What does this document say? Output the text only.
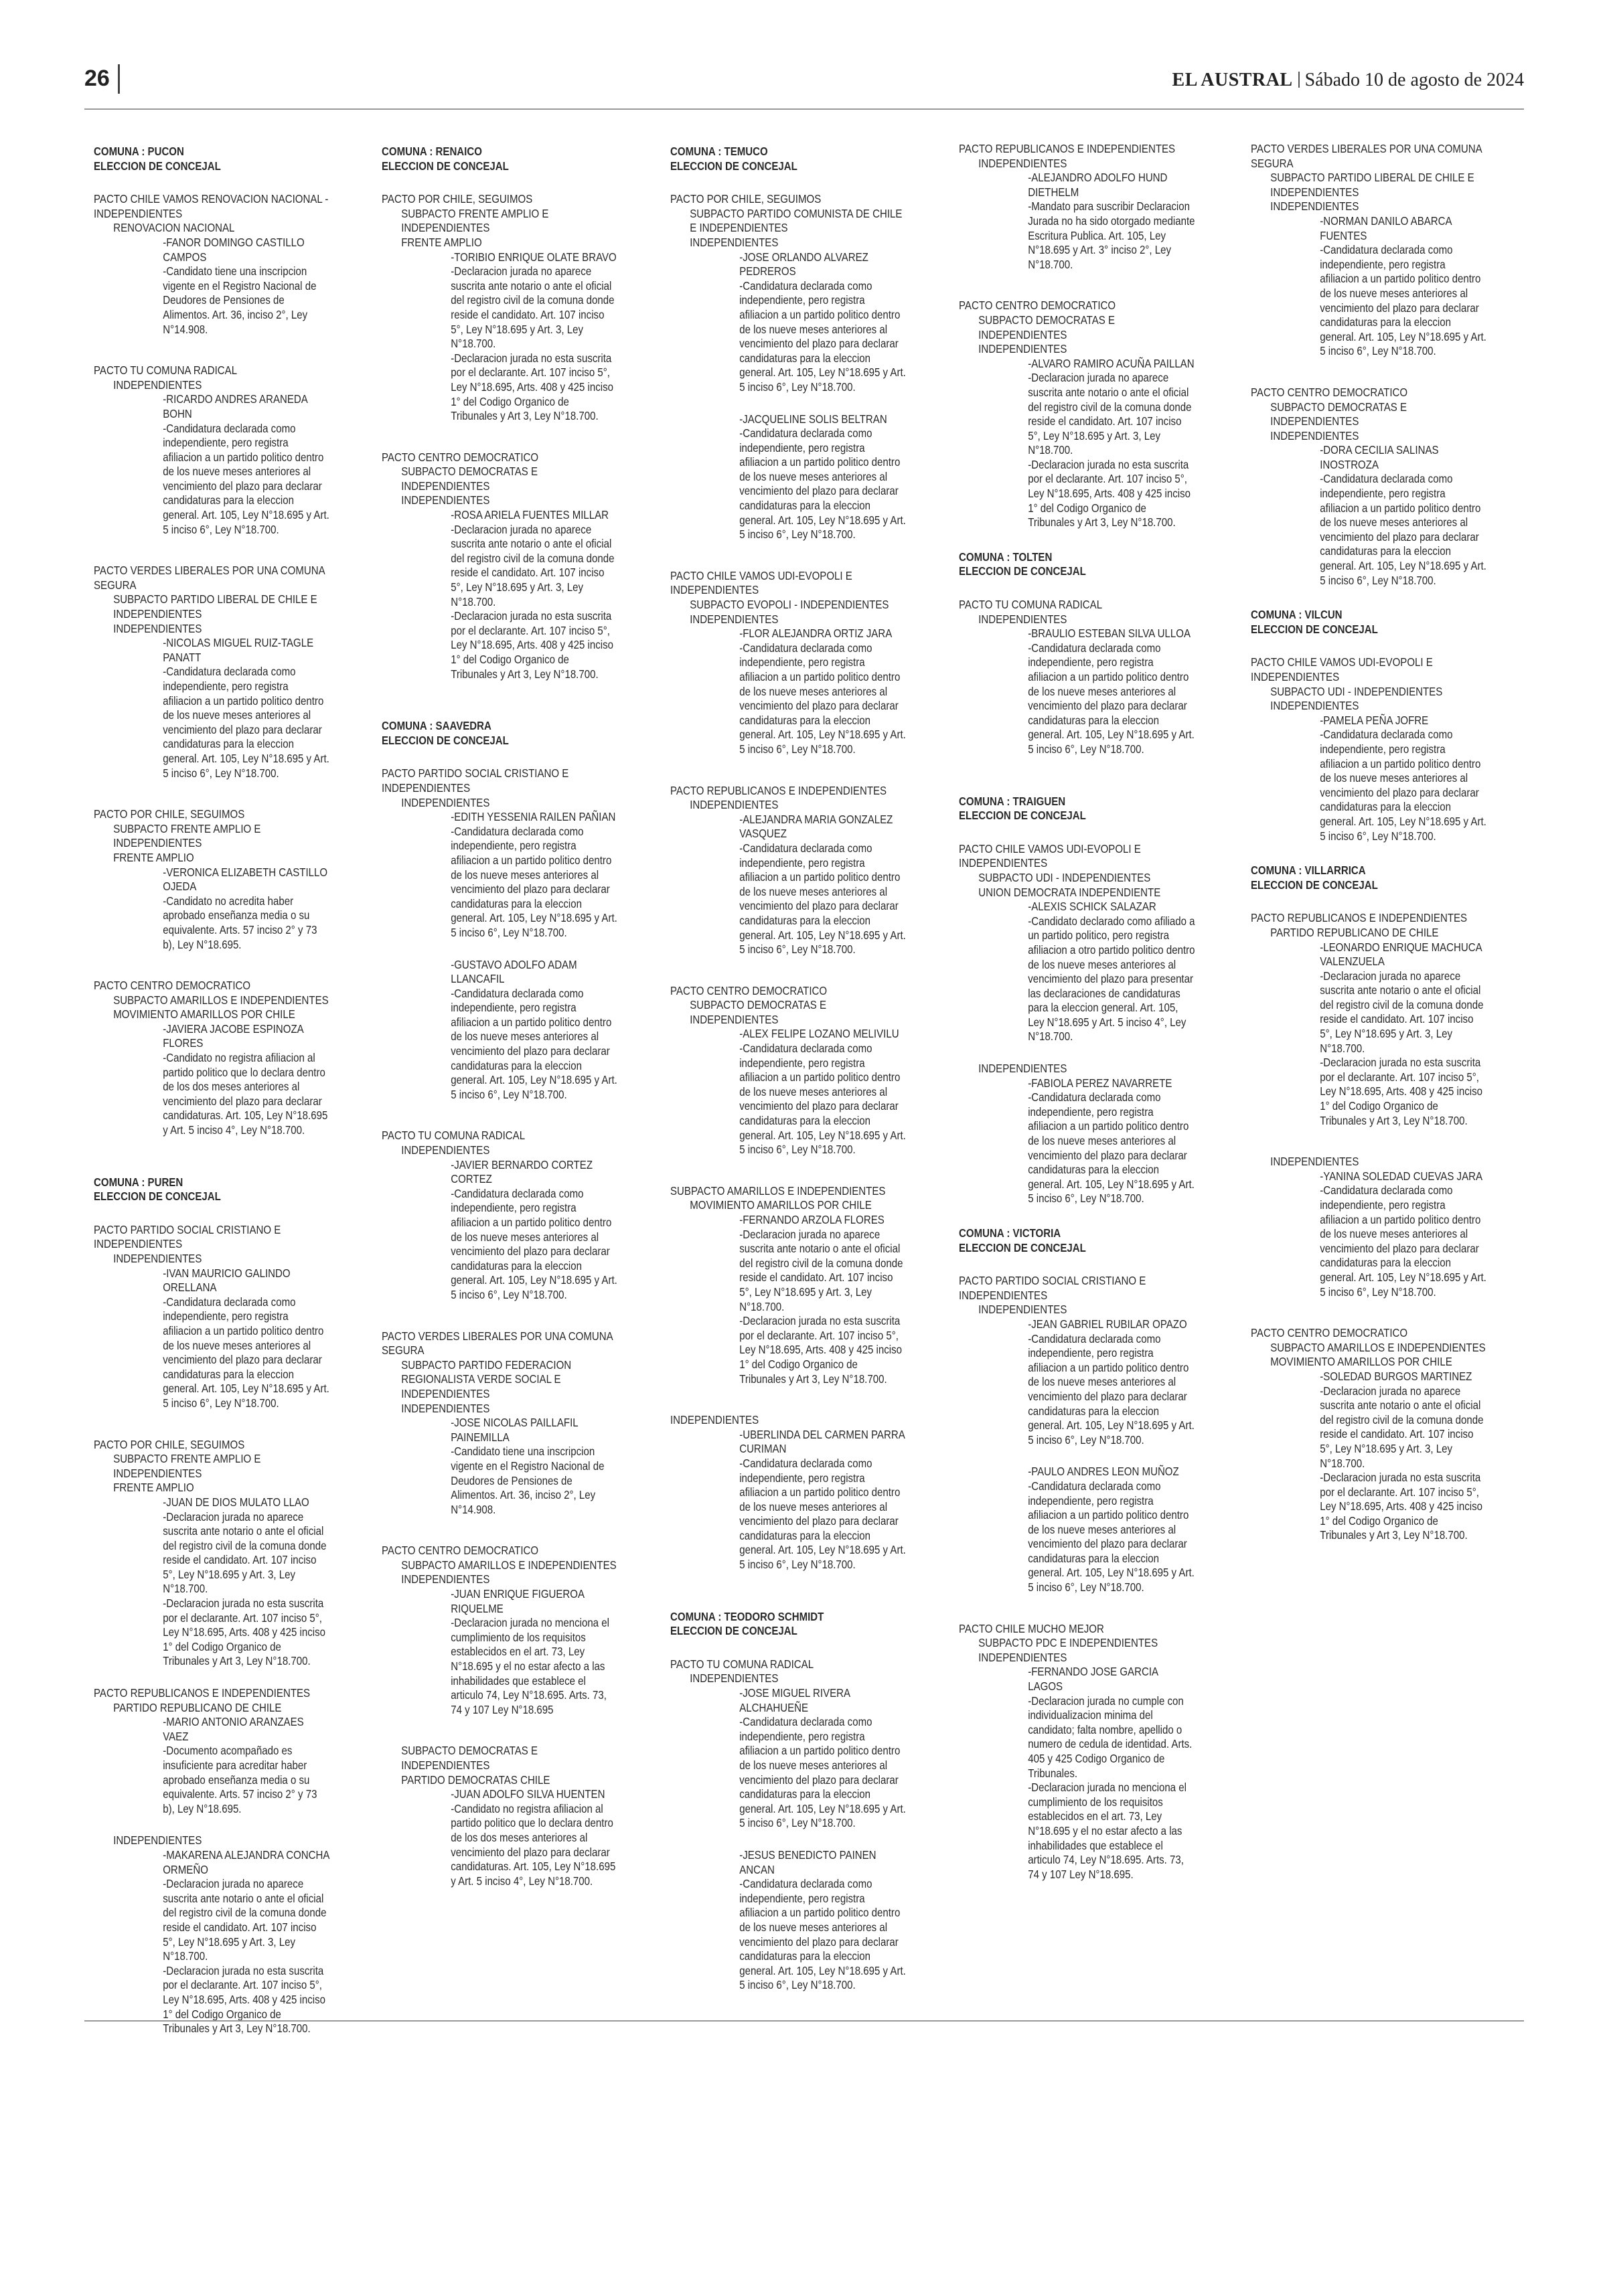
26	EL AUSTRAL Sábado 10 de agosto de 2024
COMUNA : PUCON
ELECCION DE CONCEJAL
PACTO CHILE VAMOS RENOVACION NACIONAL -INDEPENDIENTES
RENOVACION NACIONAL
-FANOR DOMINGO CASTILLO CAMPOS
-Candidato tiene una inscripcion vigente en el Registro Nacional de Deudores de Pensiones de Alimentos. Art. 36, inciso 2°, Ley N°14.908.
PACTO TU COMUNA RADICAL
INDEPENDIENTES
-RICARDO ANDRES ARANEDA BOHN
-Candidatura declarada como independiente, pero registra afiliacion a un partido politico dentro de los nueve meses anteriores al vencimiento del plazo para declarar candidaturas para la eleccion general. Art. 105, Ley N°18.695 y Art. 5 inciso 6°, Ley N°18.700.
PACTO VERDES LIBERALES POR UNA COMUNA SEGURA
SUBPACTO PARTIDO LIBERAL DE CHILE E INDEPENDIENTES
INDEPENDIENTES
-NICOLAS MIGUEL RUIZ-TAGLE PANATT
-Candidatura declarada como independiente, pero registra afiliacion a un partido politico dentro de los nueve meses anteriores al vencimiento del plazo para declarar candidaturas para la eleccion general. Art. 105, Ley N°18.695 y Art. 5 inciso 6°, Ley N°18.700.
PACTO POR CHILE, SEGUIMOS
SUBPACTO FRENTE AMPLIO E INDEPENDIENTES
FRENTE AMPLIO
-VERONICA ELIZABETH CASTILLO OJEDA
-Candidato no acredita haber aprobado enseñanza media o su equivalente. Arts. 57 inciso 2° y 73 b), Ley N°18.695.
PACTO CENTRO DEMOCRATICO
SUBPACTO AMARILLOS E INDEPENDIENTES
MOVIMIENTO AMARILLOS POR CHILE
-JAVIERA JACOBE ESPINOZA FLORES
-Candidato no registra afiliacion al partido politico que lo declara dentro de los dos meses anteriores al vencimiento del plazo para declarar candidaturas. Art. 105, Ley N°18.695 y Art. 5 inciso 4°, Ley N°18.700.
COMUNA : PUREN
ELECCION DE CONCEJAL
PACTO PARTIDO SOCIAL CRISTIANO E INDEPENDIENTES
INDEPENDIENTES
-IVAN MAURICIO GALINDO ORELLANA
-Candidatura declarada como independiente, pero registra afiliacion a un partido politico dentro de los nueve meses anteriores al vencimiento del plazo para declarar candidaturas para la eleccion general. Art. 105, Ley N°18.695 y Art. 5 inciso 6°, Ley N°18.700.
PACTO POR CHILE, SEGUIMOS
SUBPACTO FRENTE AMPLIO E INDEPENDIENTES
FRENTE AMPLIO
-JUAN DE DIOS MULATO LLAO
-Declaracion jurada no aparece suscrita ante notario o ante el oficial del registro civil de la comuna donde reside el candidato. Art. 107 inciso 5°, Ley N°18.695 y Art. 3, Ley N°18.700.
-Declaracion jurada no esta suscrita por el declarante. Art. 107 inciso 5°, Ley N°18.695, Arts. 408 y 425 inciso 1° del Codigo Organico de Tribunales y Art 3, Ley N°18.700.
PACTO REPUBLICANOS E INDEPENDIENTES
PARTIDO REPUBLICANO DE CHILE
-MARIO ANTONIO ARANZAES VAEZ
-Documento acompañado es insuficiente para acreditar haber aprobado enseñanza media o su equivalente. Arts. 57 inciso 2° y 73 b), Ley N°18.695.
INDEPENDIENTES
-MAKARENA ALEJANDRA CONCHA ORMEÑO
-Declaracion jurada no aparece suscrita ante notario o ante el oficial del registro civil de la comuna donde reside el candidato. Art. 107 inciso 5°, Ley N°18.695 y Art. 3, Ley N°18.700.
-Declaracion jurada no esta suscrita por el declarante. Art. 107 inciso 5°, Ley N°18.695, Arts. 408 y 425 inciso 1° del Codigo Organico de Tribunales y Art 3, Ley N°18.700.
COMUNA : RENAICO
ELECCION DE CONCEJAL
PACTO POR CHILE, SEGUIMOS
SUBPACTO FRENTE AMPLIO E INDEPENDIENTES
FRENTE AMPLIO
-TORIBIO ENRIQUE OLATE BRAVO
-Declaracion jurada no aparece suscrita ante notario o ante el oficial del registro civil de la comuna donde reside el candidato. Art. 107 inciso 5°, Ley N°18.695 y Art. 3, Ley N°18.700.
-Declaracion jurada no esta suscrita por el declarante. Art. 107 inciso 5°, Ley N°18.695, Arts. 408 y 425 inciso 1° del Codigo Organico de Tribunales y Art 3, Ley N°18.700.
PACTO CENTRO DEMOCRATICO
SUBPACTO DEMOCRATAS E INDEPENDIENTES
INDEPENDIENTES
-ROSA ARIELA FUENTES MILLAR
-Declaracion jurada no aparece suscrita ante notario o ante el oficial del registro civil de la comuna donde reside el candidato. Art. 107 inciso 5°, Ley N°18.695 y Art. 3, Ley N°18.700.
-Declaracion jurada no esta suscrita por el declarante. Art. 107 inciso 5°, Ley N°18.695, Arts. 408 y 425 inciso 1° del Codigo Organico de Tribunales y Art 3, Ley N°18.700.
COMUNA : SAAVEDRA
ELECCION DE CONCEJAL
PACTO PARTIDO SOCIAL CRISTIANO E INDEPENDIENTES
INDEPENDIENTES
-EDITH YESSENIA RAILEN PAÑIAN
-Candidatura declarada como independiente, pero registra afiliacion a un partido politico dentro de los nueve meses anteriores al vencimiento del plazo para declarar candidaturas para la eleccion general. Art. 105, Ley N°18.695 y Art. 5 inciso 6°, Ley N°18.700.
-GUSTAVO ADOLFO ADAM LLANCAFIL
-Candidatura declarada como independiente, pero registra afiliacion a un partido politico dentro de los nueve meses anteriores al vencimiento del plazo para declarar candidaturas para la eleccion general. Art. 105, Ley N°18.695 y Art. 5 inciso 6°, Ley N°18.700.
PACTO TU COMUNA RADICAL
INDEPENDIENTES
-JAVIER BERNARDO CORTEZ CORTEZ
-Candidatura declarada como independiente, pero registra afiliacion a un partido politico dentro de los nueve meses anteriores al vencimiento del plazo para declarar candidaturas para la eleccion general. Art. 105, Ley N°18.695 y Art. 5 inciso 6°, Ley N°18.700.
PACTO VERDES LIBERALES POR UNA COMUNA SEGURA
SUBPACTO PARTIDO FEDERACION REGIONALISTA VERDE SOCIAL E INDEPENDIENTES
INDEPENDIENTES
-JOSE NICOLAS PAILLAFIL PAINEMILLA
-Candidato tiene una inscripcion vigente en el Registro Nacional de Deudores de Pensiones de Alimentos. Art. 36, inciso 2°, Ley N°14.908.
PACTO CENTRO DEMOCRATICO
SUBPACTO AMARILLOS E INDEPENDIENTES
INDEPENDIENTES
-JUAN ENRIQUE FIGUEROA RIQUELME
-Declaracion jurada no menciona el cumplimiento de los requisitos establecidos en el art. 73, Ley N°18.695 y el no estar afecto a las inhabilidades que establece el articulo 74, Ley N°18.695. Arts. 73, 74 y 107 Ley N°18.695
SUBPACTO DEMOCRATAS E INDEPENDIENTES
PARTIDO DEMOCRATAS CHILE
-JUAN ADOLFO SILVA HUENTEN
-Candidato no registra afiliacion al partido politico que lo declara dentro de los dos meses anteriores al vencimiento del plazo para declarar candidaturas. Art. 105, Ley N°18.695 y Art. 5 inciso 4°, Ley N°18.700.
COMUNA : TEMUCO
ELECCION DE CONCEJAL
PACTO POR CHILE, SEGUIMOS
SUBPACTO PARTIDO COMUNISTA DE CHILE E INDEPENDIENTES
INDEPENDIENTES
-JOSE ORLANDO ALVAREZ PEDREROS
-Candidatura declarada como independiente, pero registra afiliacion a un partido politico dentro de los nueve meses anteriores al vencimiento del plazo para declarar candidaturas para la eleccion general. Art. 105, Ley N°18.695 y Art. 5 inciso 6°, Ley N°18.700.
-JACQUELINE SOLIS BELTRAN
-Candidatura declarada como independiente, pero registra afiliacion a un partido politico dentro de los nueve meses anteriores al vencimiento del plazo para declarar candidaturas para la eleccion general. Art. 105, Ley N°18.695 y Art. 5 inciso 6°, Ley N°18.700.
PACTO CHILE VAMOS UDI-EVOPOLI E INDEPENDIENTES
SUBPACTO EVOPOLI - INDEPENDIENTES
INDEPENDIENTES
-FLOR ALEJANDRA ORTIZ JARA
-Candidatura declarada como independiente, pero registra afiliacion a un partido politico dentro de los nueve meses anteriores al vencimiento del plazo para declarar candidaturas para la eleccion general. Art. 105, Ley N°18.695 y Art. 5 inciso 6°, Ley N°18.700.
PACTO REPUBLICANOS E INDEPENDIENTES
INDEPENDIENTES
-ALEJANDRA MARIA GONZALEZ VASQUEZ
-Candidatura declarada como independiente, pero registra afiliacion a un partido politico dentro de los nueve meses anteriores al vencimiento del plazo para declarar candidaturas para la eleccion general. Art. 105, Ley N°18.695 y Art. 5 inciso 6°, Ley N°18.700.
PACTO CENTRO DEMOCRATICO
SUBPACTO DEMOCRATAS E INDEPENDIENTES
-ALEX FELIPE LOZANO MELIVILU
-Candidatura declarada como independiente, pero registra afiliacion a un partido politico dentro de los nueve meses anteriores al vencimiento del plazo para declarar candidaturas para la eleccion general. Art. 105, Ley N°18.695 y Art. 5 inciso 6°, Ley N°18.700.
SUBPACTO AMARILLOS E INDEPENDIENTES
MOVIMIENTO AMARILLOS POR CHILE
-FERNANDO ARZOLA FLORES
-Declaracion jurada no aparece suscrita ante notario o ante el oficial del registro civil de la comuna donde reside el candidato. Art. 107 inciso 5°, Ley N°18.695 y Art. 3, Ley N°18.700.
-Declaracion jurada no esta suscrita por el declarante. Art. 107 inciso 5°, Ley N°18.695, Arts. 408 y 425 inciso 1° del Codigo Organico de Tribunales y Art 3, Ley N°18.700.
INDEPENDIENTES
-UBERLINDA DEL CARMEN PARRA CURIMAN
-Candidatura declarada como independiente, pero registra afiliacion a un partido politico dentro de los nueve meses anteriores al vencimiento del plazo para declarar candidaturas para la eleccion general. Art. 105, Ley N°18.695 y Art. 5 inciso 6°, Ley N°18.700.
COMUNA : TEODORO SCHMIDT
ELECCION DE CONCEJAL
PACTO TU COMUNA RADICAL
INDEPENDIENTES
-JOSE MIGUEL RIVERA ALCHAHUEÑE
-Candidatura declarada como independiente, pero registra afiliacion a un partido politico dentro de los nueve meses anteriores al vencimiento del plazo para declarar candidaturas para la eleccion general. Art. 105, Ley N°18.695 y Art. 5 inciso 6°, Ley N°18.700.
-JESUS BENEDICTO PAINEN ANCAN
-Candidatura declarada como independiente, pero registra afiliacion a un partido politico dentro de los nueve meses anteriores al vencimiento del plazo para declarar candidaturas para la eleccion general. Art. 105, Ley N°18.695 y Art. 5 inciso 6°, Ley N°18.700.
PACTO REPUBLICANOS E INDEPENDIENTES
INDEPENDIENTES
-ALEJANDRO ADOLFO HUND DIETHELM
-Mandato para suscribir Declaracion Jurada no ha sido otorgado mediante Escritura Publica. Art. 105, Ley N°18.695 y Art. 3° inciso 2°, Ley N°18.700.
PACTO CENTRO DEMOCRATICO
SUBPACTO DEMOCRATAS E INDEPENDIENTES
INDEPENDIENTES
-ALVARO RAMIRO ACUÑA PAILLAN
-Declaracion jurada no aparece suscrita ante notario o ante el oficial del registro civil de la comuna donde reside el candidato. Art. 107 inciso 5°, Ley N°18.695 y Art. 3, Ley N°18.700.
-Declaracion jurada no esta suscrita por el declarante. Art. 107 inciso 5°, Ley N°18.695, Arts. 408 y 425 inciso 1° del Codigo Organico de Tribunales y Art 3, Ley N°18.700.
COMUNA : TOLTEN
ELECCION DE CONCEJAL
PACTO TU COMUNA RADICAL
INDEPENDIENTES
-BRAULIO ESTEBAN SILVA ULLOA
-Candidatura declarada como independiente, pero registra afiliacion a un partido politico dentro de los nueve meses anteriores al vencimiento del plazo para declarar candidaturas para la eleccion general. Art. 105, Ley N°18.695 y Art. 5 inciso 6°, Ley N°18.700.
COMUNA : TRAIGUEN
ELECCION DE CONCEJAL
PACTO CHILE VAMOS UDI-EVOPOLI E INDEPENDIENTES
SUBPACTO UDI - INDEPENDIENTES
UNION DEMOCRATA INDEPENDIENTE
-ALEXIS SCHICK SALAZAR
-Candidato declarado como afiliado a un partido politico, pero registra afiliacion a otro partido politico dentro de los nueve meses anteriores al vencimiento del plazo para presentar las declaraciones de candidaturas para la eleccion general. Art. 105, Ley N°18.695 y Art. 5 inciso 4°, Ley N°18.700.
INDEPENDIENTES
-FABIOLA PEREZ NAVARRETE
-Candidatura declarada como independiente, pero registra afiliacion a un partido politico dentro de los nueve meses anteriores al vencimiento del plazo para declarar candidaturas para la eleccion general. Art. 105, Ley N°18.695 y Art. 5 inciso 6°, Ley N°18.700.
COMUNA : VICTORIA
ELECCION DE CONCEJAL
PACTO PARTIDO SOCIAL CRISTIANO E INDEPENDIENTES
INDEPENDIENTES
-JEAN GABRIEL RUBILAR OPAZO
-Candidatura declarada como independiente, pero registra afiliacion a un partido politico dentro de los nueve meses anteriores al vencimiento del plazo para declarar candidaturas para la eleccion general. Art. 105, Ley N°18.695 y Art. 5 inciso 6°, Ley N°18.700.
-PAULO ANDRES LEON MUÑOZ
-Candidatura declarada como independiente, pero registra afiliacion a un partido politico dentro de los nueve meses anteriores al vencimiento del plazo para declarar candidaturas para la eleccion general. Art. 105, Ley N°18.695 y Art. 5 inciso 6°, Ley N°18.700.
PACTO CHILE MUCHO MEJOR
SUBPACTO PDC E INDEPENDIENTES
INDEPENDIENTES
-FERNANDO JOSE GARCIA LAGOS
-Declaracion jurada no cumple con individualizacion minima del candidato; falta nombre, apellido o numero de cedula de identidad. Arts. 405 y 425 Codigo Organico de Tribunales.
-Declaracion jurada no menciona el cumplimiento de los requisitos establecidos en el art. 73, Ley N°18.695 y el no estar afecto a las inhabilidades que establece el articulo 74, Ley N°18.695. Arts. 73, 74 y 107 Ley N°18.695.
PACTO VERDES LIBERALES POR UNA COMUNA SEGURA
SUBPACTO PARTIDO LIBERAL DE CHILE E INDEPENDIENTES
INDEPENDIENTES
-NORMAN DANILO ABARCA FUENTES
-Candidatura declarada como independiente, pero registra afiliacion a un partido politico dentro de los nueve meses anteriores al vencimiento del plazo para declarar candidaturas para la eleccion general. Art. 105, Ley N°18.695 y Art. 5 inciso 6°, Ley N°18.700.
PACTO CENTRO DEMOCRATICO
SUBPACTO DEMOCRATAS E INDEPENDIENTES
INDEPENDIENTES
-DORA CECILIA SALINAS INOSTROZA
-Candidatura declarada como independiente, pero registra afiliacion a un partido politico dentro de los nueve meses anteriores al vencimiento del plazo para declarar candidaturas para la eleccion general. Art. 105, Ley N°18.695 y Art. 5 inciso 6°, Ley N°18.700.
COMUNA : VILCUN
ELECCION DE CONCEJAL
PACTO CHILE VAMOS UDI-EVOPOLI E INDEPENDIENTES
SUBPACTO UDI - INDEPENDIENTES
INDEPENDIENTES
-PAMELA PEÑA JOFRE
-Candidatura declarada como independiente, pero registra afiliacion a un partido politico dentro de los nueve meses anteriores al vencimiento del plazo para declarar candidaturas para la eleccion general. Art. 105, Ley N°18.695 y Art. 5 inciso 6°, Ley N°18.700.
COMUNA : VILLARRICA
ELECCION DE CONCEJAL
PACTO REPUBLICANOS E INDEPENDIENTES
PARTIDO REPUBLICANO DE CHILE
-LEONARDO ENRIQUE MACHUCA VALENZUELA
-Declaracion jurada no aparece suscrita ante notario o ante el oficial del registro civil de la comuna donde reside el candidato. Art. 107 inciso 5°, Ley N°18.695 y Art. 3, Ley N°18.700.
-Declaracion jurada no esta suscrita por el declarante. Art. 107 inciso 5°, Ley N°18.695, Arts. 408 y 425 inciso 1° del Codigo Organico de Tribunales y Art 3, Ley N°18.700.
INDEPENDIENTES
-YANINA SOLEDAD CUEVAS JARA
-Candidatura declarada como independiente, pero registra afiliacion a un partido politico dentro de los nueve meses anteriores al vencimiento del plazo para declarar candidaturas para la eleccion general. Art. 105, Ley N°18.695 y Art. 5 inciso 6°, Ley N°18.700.
PACTO CENTRO DEMOCRATICO
SUBPACTO AMARILLOS E INDEPENDIENTES
MOVIMIENTO AMARILLOS POR CHILE
-SOLEDAD BURGOS MARTINEZ
-Declaracion jurada no aparece suscrita ante notario o ante el oficial del registro civil de la comuna donde reside el candidato. Art. 107 inciso 5°, Ley N°18.695 y Art. 3, Ley N°18.700.
-Declaracion jurada no esta suscrita por el declarante. Art. 107 inciso 5°, Ley N°18.695, Arts. 408 y 425 inciso 1° del Codigo Organico de Tribunales y Art 3, Ley N°18.700.
